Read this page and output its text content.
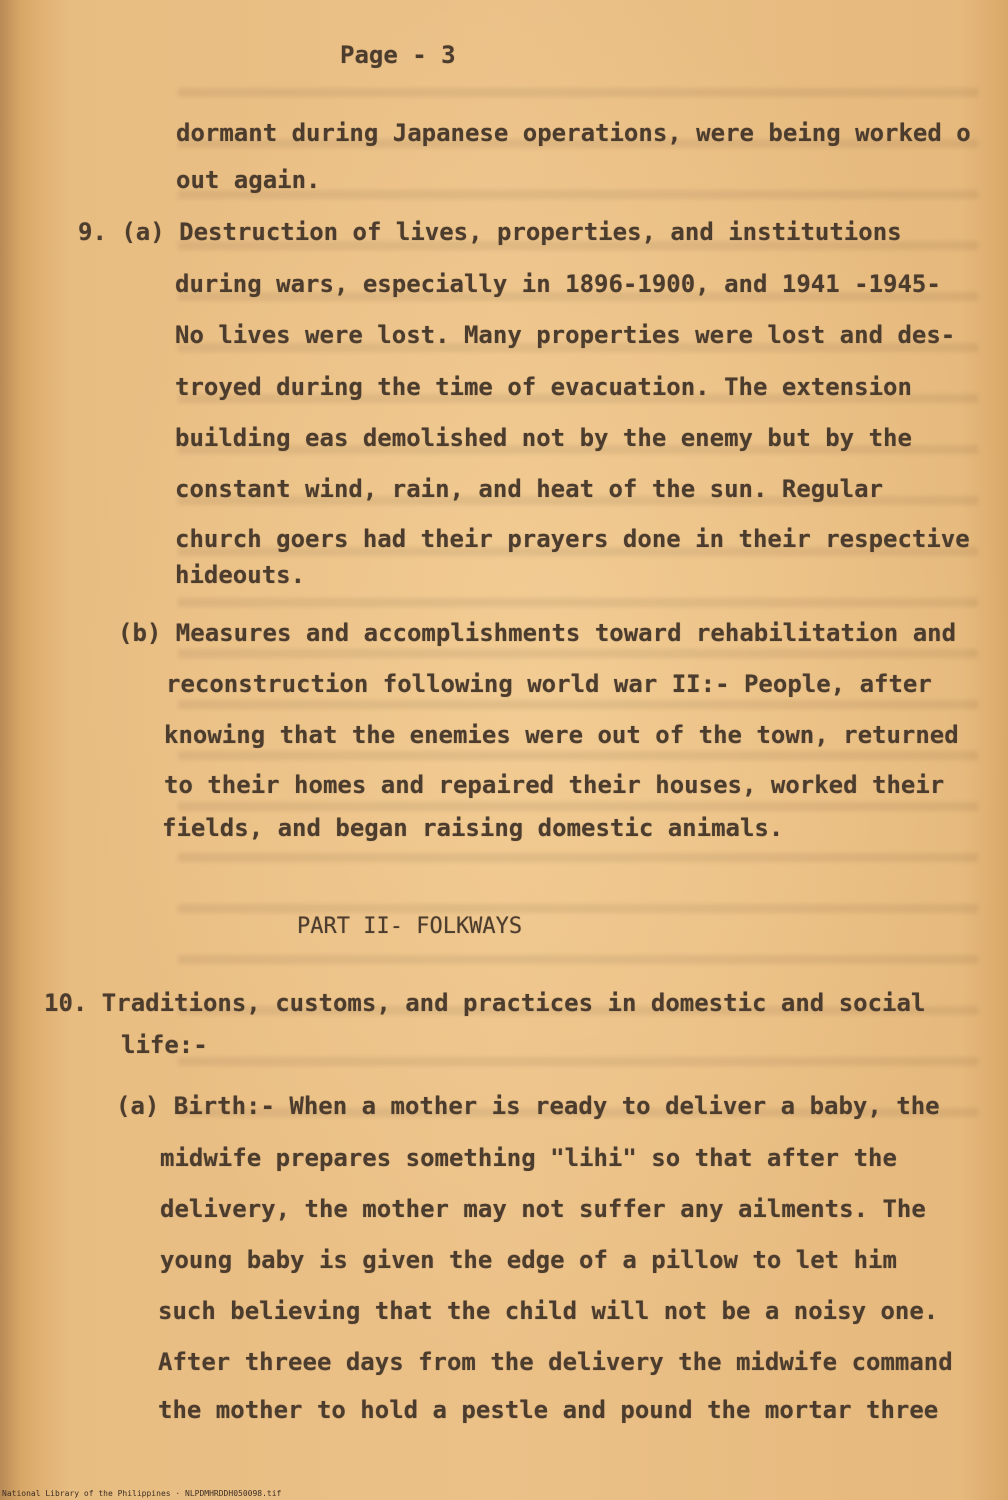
Page - 3
dormant during Japanese operations, were being worked o
out again.
9. (a) Destruction of lives, properties, and institutions
during wars, especially in 1896-1900, and 1941 -1945-
No lives were lost. Many properties were lost and des-
troyed during the time of evacuation. The extension
building eas demolished not by the enemy but by the
constant wind, rain, and heat of the sun. Regular
church goers had their prayers done in their respective
hideouts.
(b) Measures and accomplishments toward rehabilitation and
reconstruction following world war II:- People, after
knowing that the enemies were out of the town, returned
to their homes and repaired their houses, worked their
fields, and began raising domestic animals.
PART II- FOLKWAYS
10. Traditions, customs, and practices in domestic and social
life:-
(a) Birth:- When a mother is ready to deliver a baby, the
midwife prepares something "lihi" so that after the
delivery, the mother may not suffer any ailments. The
young baby is given the edge of a pillow to let him
such believing that the child will not be a noisy one.
After threee days from the delivery the midwife command
the mother to hold a pestle and pound the mortar three
National Library of the Philippines · NLPDMHRDDH050098.tif
